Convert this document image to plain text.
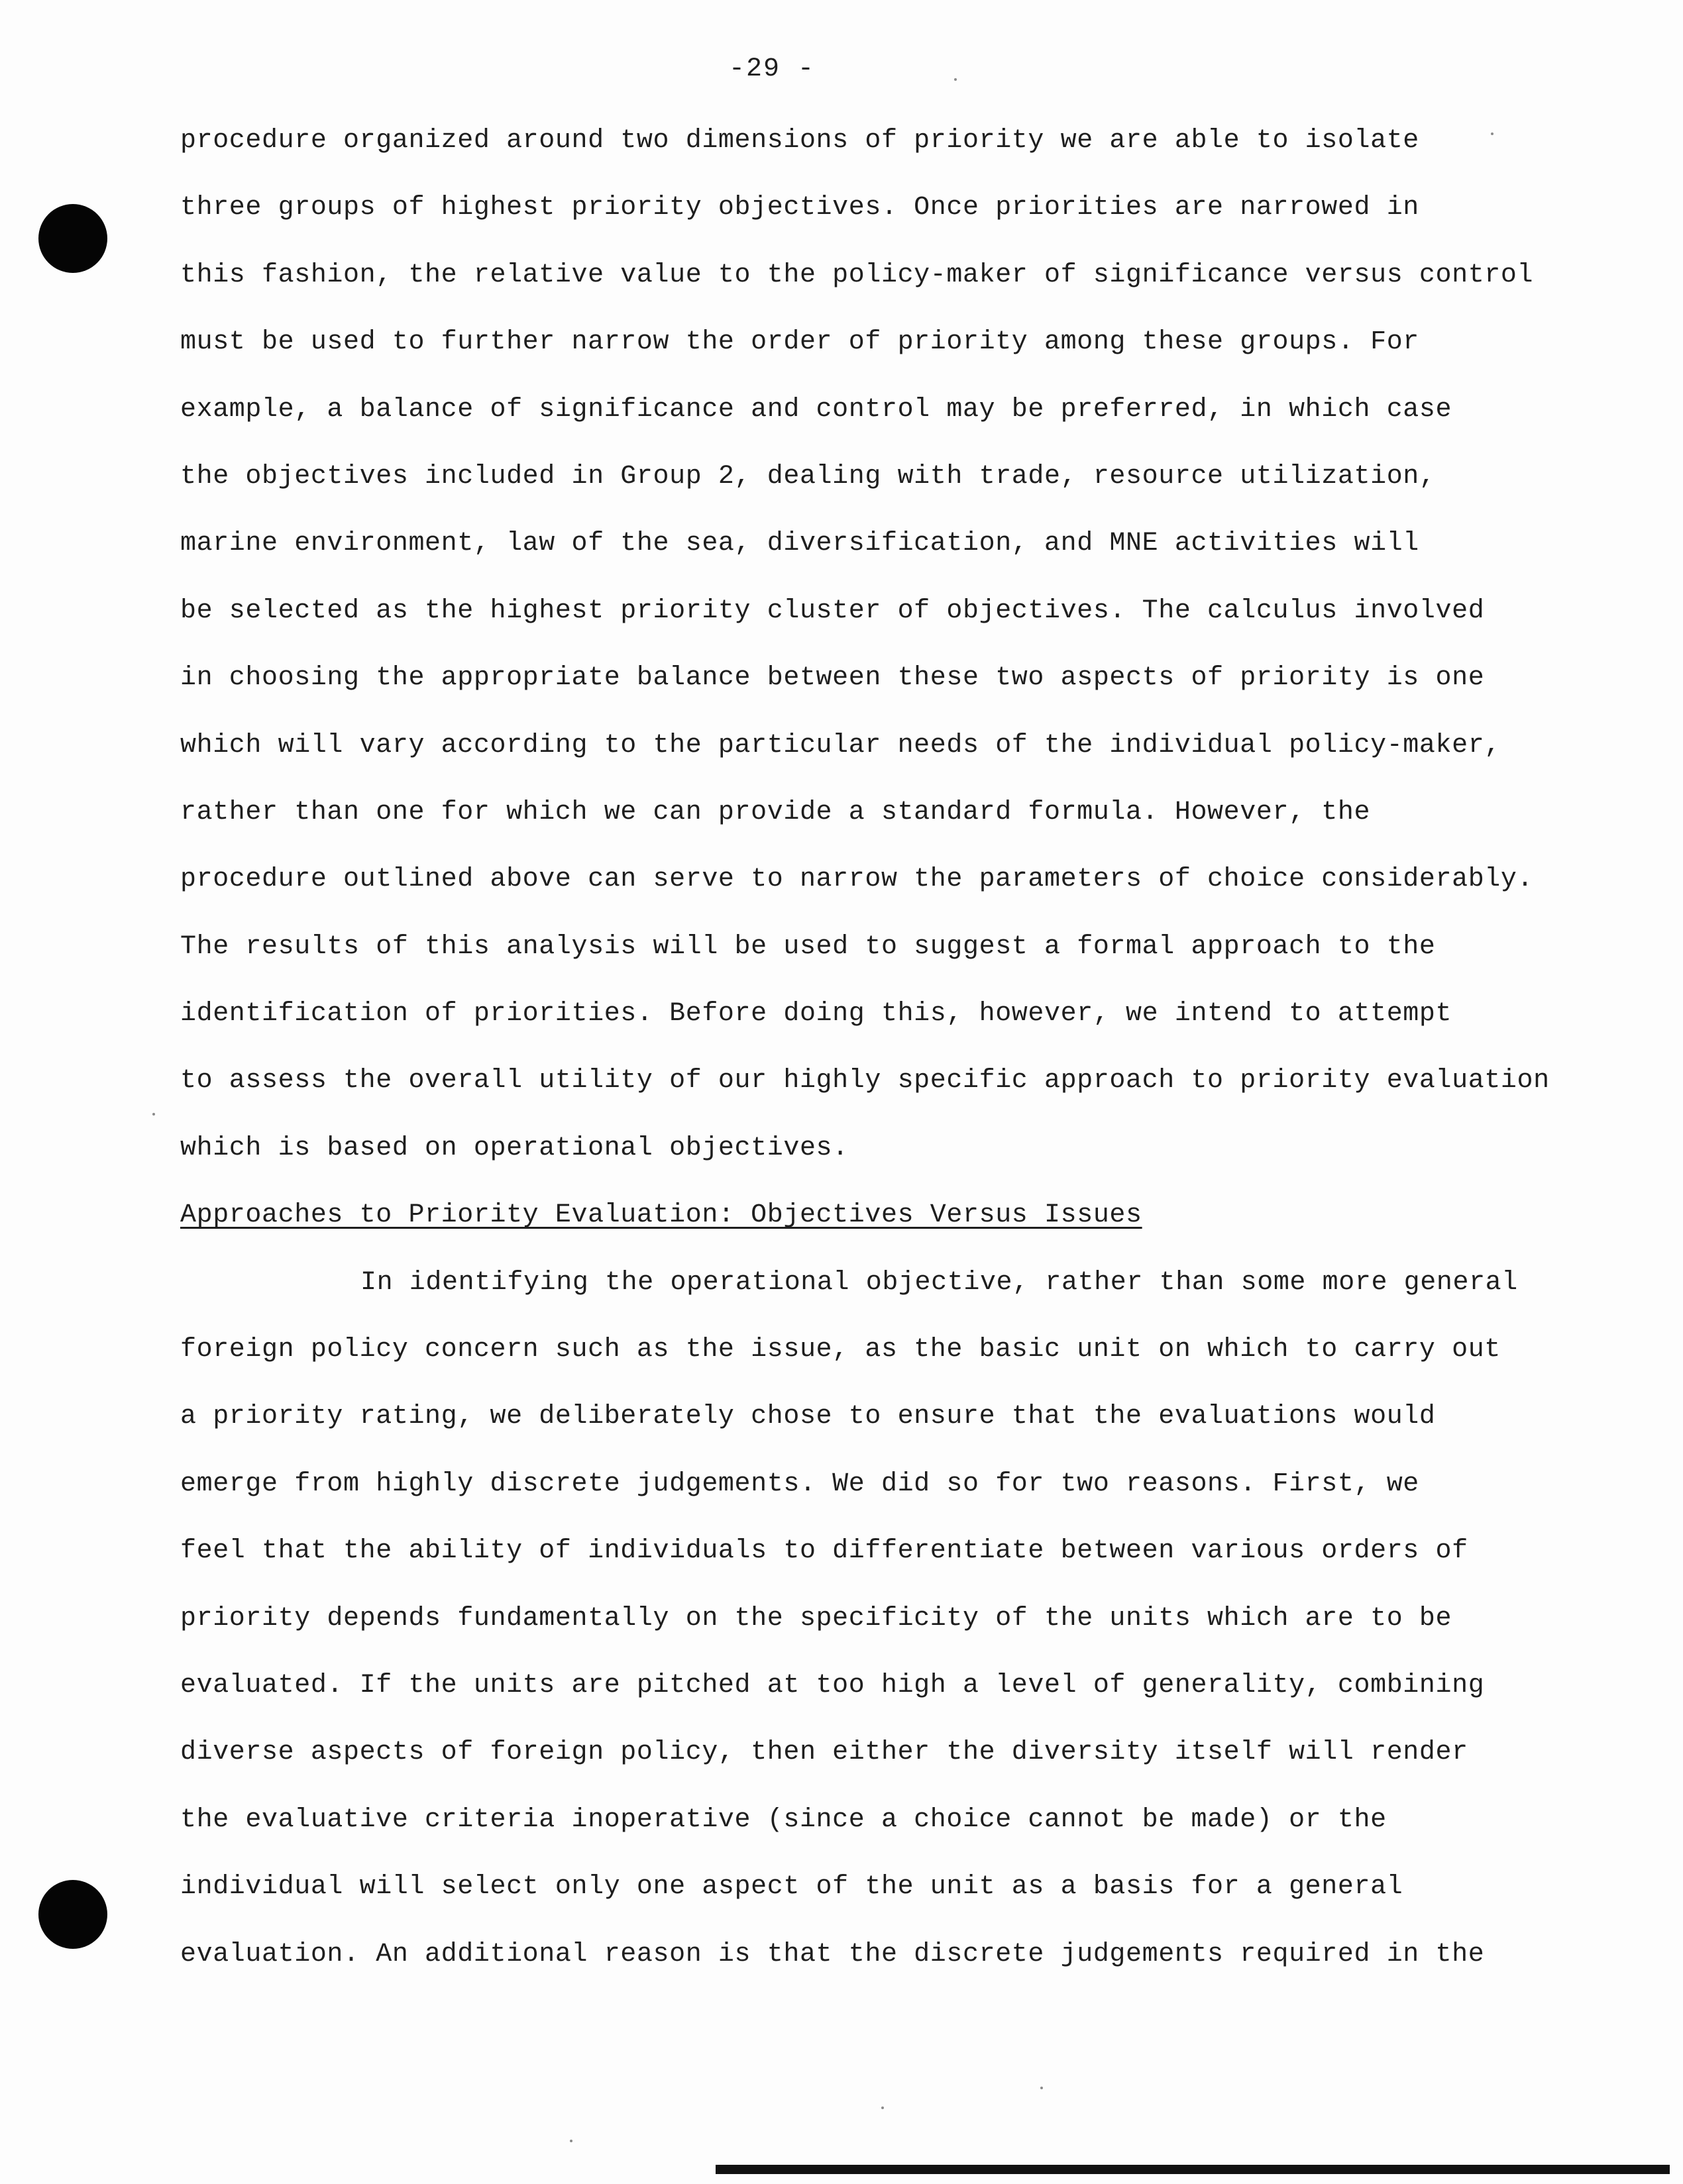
-29 -
procedure organized around two dimensions of priority we are able to isolate
three groups of highest priority objectives. Once priorities are narrowed in
this fashion, the relative value to the policy-maker of significance versus control
must be used to further narrow the order of priority among these groups. For
example, a balance of significance and control may be preferred, in which case
the objectives included in Group 2, dealing with trade, resource utilization,
marine environment, law of the sea, diversification, and MNE activities will
be selected as the highest priority cluster of objectives. The calculus involved
in choosing the appropriate balance between these two aspects of priority is one
which will vary according to the particular needs of the individual policy-maker,
rather than one for which we can provide a standard formula. However, the
procedure outlined above can serve to narrow the parameters of choice considerably.
The results of this analysis will be used to suggest a formal approach to the
identification of priorities. Before doing this, however, we intend to attempt
to assess the overall utility of our highly specific approach to priority evaluation
which is based on operational objectives.
Approaches to Priority Evaluation: Objectives Versus Issues
In identifying the operational objective, rather than some more general
foreign policy concern such as the issue, as the basic unit on which to carry out
a priority rating, we deliberately chose to ensure that the evaluations would
emerge from highly discrete judgements. We did so for two reasons. First, we
feel that the ability of individuals to differentiate between various orders of
priority depends fundamentally on the specificity of the units which are to be
evaluated. If the units are pitched at too high a level of generality, combining
diverse aspects of foreign policy, then either the diversity itself will render
the evaluative criteria inoperative (since a choice cannot be made) or the
individual will select only one aspect of the unit as a basis for a general
evaluation. An additional reason is that the discrete judgements required in the
